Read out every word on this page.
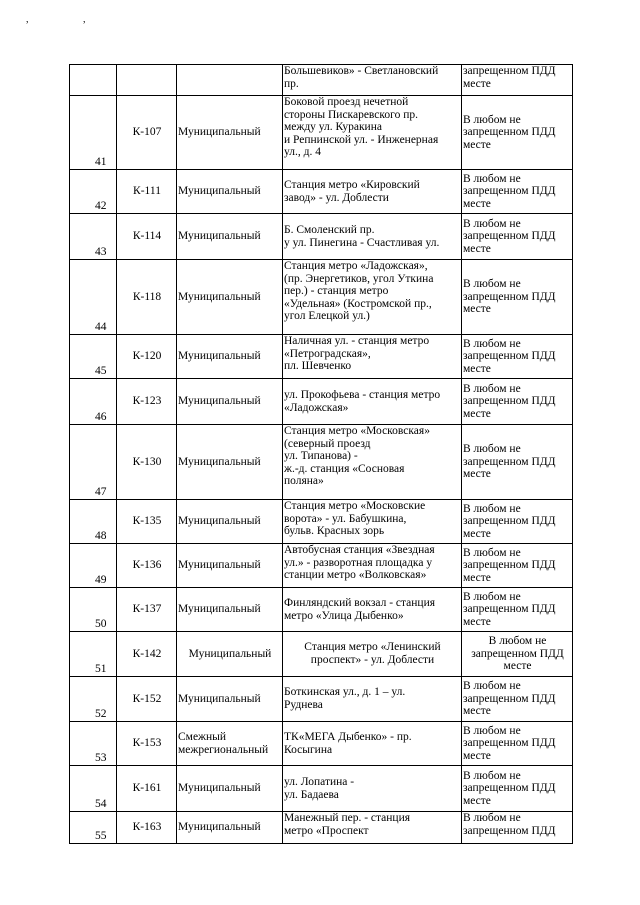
, ,
			Большевиков» - Светлановский
пр.	запрещенном ПДД
месте
41	К-107	Муниципальный	Боковой проезд нечетной
стороны Пискаревского пр.
между ул. Куракина
и Репнинской ул. - Инженерная
ул., д. 4	В любом не
запрещенном ПДД
месте
42	К-111	Муниципальный	Станция метро «Кировский
завод» - ул. Доблести	В любом не
запрещенном ПДД
месте
43	К-114	Муниципальный	Б. Смоленский пр.
у ул. Пинегина - Счастливая ул.	В любом не
запрещенном ПДД
месте
44	К-118	Муниципальный	Станция метро «Ладожская»,
(пр. Энергетиков, угол Уткина
пер.) - станция метро
«Удельная» (Костромской пр.,
угол Елецкой ул.)	В любом не
запрещенном ПДД
месте
45	К-120	Муниципальный	Наличная ул. - станция метро
«Петроградская»,
пл. Шевченко	В любом не
запрещенном ПДД
месте
46	К-123	Муниципальный	ул. Прокофьева - станция метро
«Ладожская»	В любом не
запрещенном ПДД
месте
47	К-130	Муниципальный	Станция метро «Московская»
(северный проезд
ул. Типанова) -
ж.-д. станция «Сосновая
поляна»	В любом не
запрещенном ПДД
месте
48	К-135	Муниципальный	Станция метро «Московские
ворота» - ул. Бабушкина,
бульв. Красных зорь	В любом не
запрещенном ПДД
месте
49	К-136	Муниципальный	Автобусная станция «Звездная
ул.» - разворотная площадка у
станции метро «Волковская»	В любом не
запрещенном ПДД
месте
50	К-137	Муниципальный	Финляндский вокзал - станция
метро «Улица Дыбенко»	В любом не
запрещенном ПДД
месте
51	К-142	Муниципальный	Станция метро «Ленинский
проспект» - ул. Доблести	В любом не
запрещенном ПДД
месте
52	К-152	Муниципальный	Боткинская ул., д. 1 – ул.
Руднева	В любом не
запрещенном ПДД
месте
53	К-153	Смежный
межрегиональный	ТК«МЕГА Дыбенко» - пр.
Косыгина	В любом не
запрещенном ПДД
месте
54	К-161	Муниципальный	ул. Лопатина -
ул. Бадаева	В любом не
запрещенном ПДД
месте
55	К-163	Муниципальный	Манежный пер. - станция
метро «Проспект	В любом не
запрещенном ПДД
